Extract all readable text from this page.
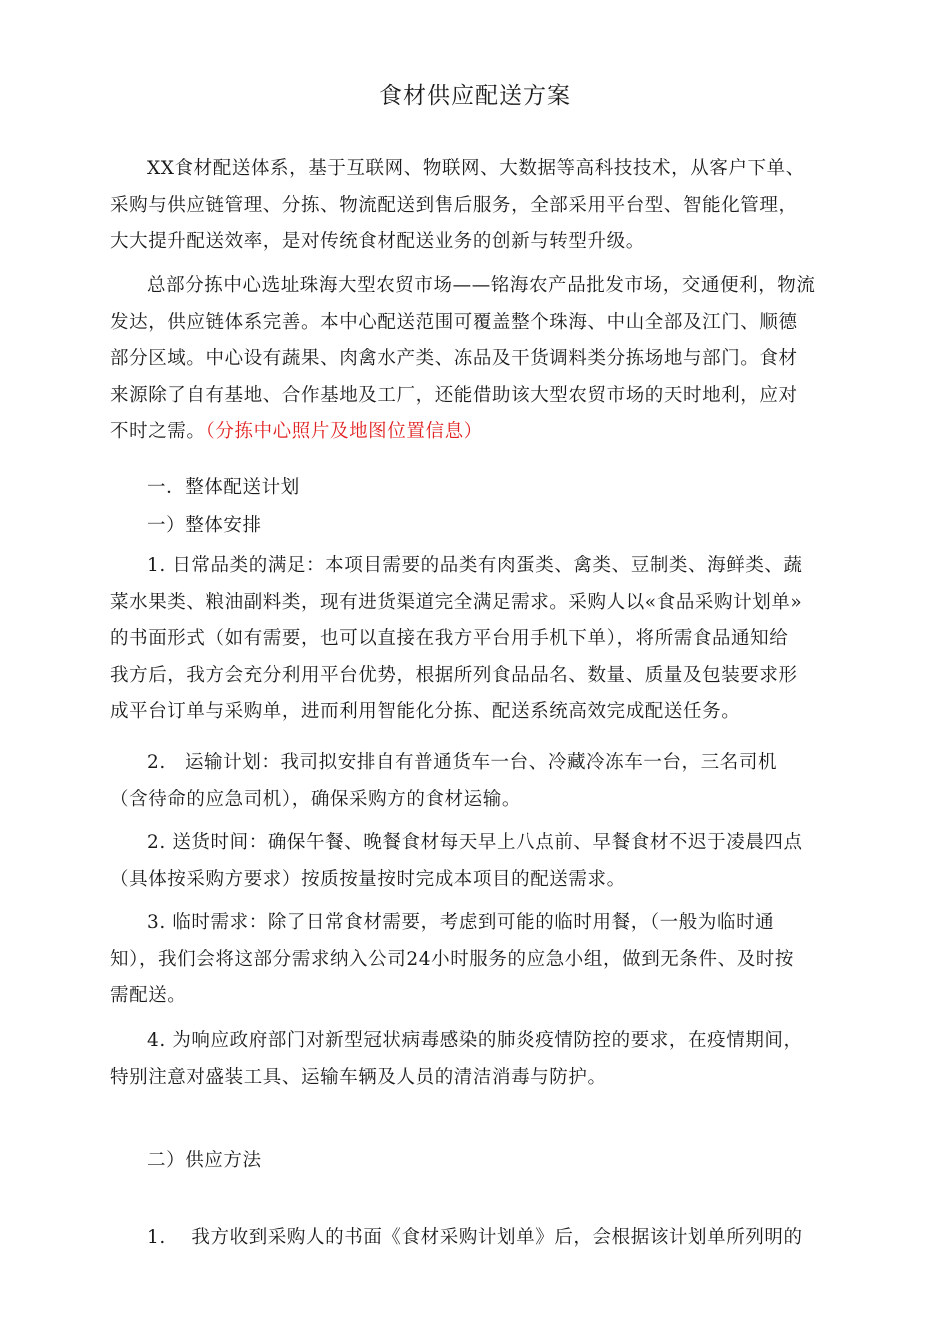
食材供应配送方案
XX食材配送体系，基于互联网、物联网、大数据等高科技技术，从客户下单、
采购与供应链管理、分拣、物流配送到售后服务，全部采用平台型、智能化管理，
大大提升配送效率，是对传统食材配送业务的创新与转型升级。
总部分拣中心选址珠海大型农贸市场——铭海农产品批发市场，交通便利，物流
发达，供应链体系完善。本中心配送范围可覆盖整个珠海、中山全部及江门、顺德
部分区域。中心设有蔬果、肉禽水产类、冻品及干货调料类分拣场地与部门。食材
来源除了自有基地、合作基地及工厂，还能借助该大型农贸市场的天时地利，应对
不时之需。（分拣中心照片及地图位置信息）
一．整体配送计划
一）整体安排
1. 日常品类的满足：本项目需要的品类有肉蛋类、禽类、豆制类、海鲜类、蔬
菜水果类、粮油副料类，现有进货渠道完全满足需求。采购人以«食品采购计划单»
的书面形式（如有需要，也可以直接在我方平台用手机下单），将所需食品通知给
我方后，我方会充分利用平台优势，根据所列食品品名、数量、质量及包装要求形
成平台订单与采购单，进而利用智能化分拣、配送系统高效完成配送任务。
2.　运输计划：我司拟安排自有普通货车一台、冷藏冷冻车一台，三名司机
（含待命的应急司机），确保采购方的食材运输。
2. 送货时间：确保午餐、晚餐食材每天早上八点前、早餐食材不迟于凌晨四点
（具体按采购方要求）按质按量按时完成本项目的配送需求。
3. 临时需求：除了日常食材需要，考虑到可能的临时用餐，（一般为临时通
知），我们会将这部分需求纳入公司24小时服务的应急小组，做到无条件、及时按
需配送。
4. 为响应政府部门对新型冠状病毒感染的肺炎疫情防控的要求，在疫情期间，
特别注意对盛装工具、运输车辆及人员的清洁消毒与防护。
二）供应方法
1.　 我方收到采购人的书面《食材采购计划单》后，会根据该计划单所列明的
